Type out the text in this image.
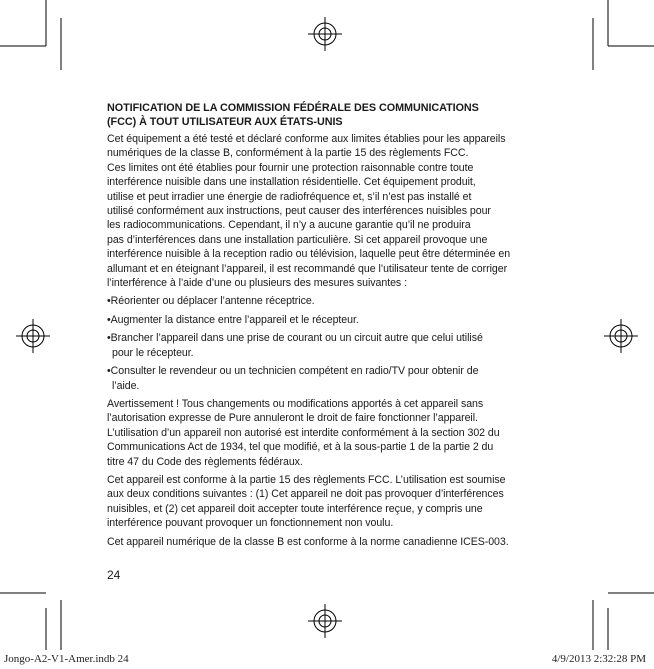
NOTIFICATION DE LA COMMISSION FÉDÉRALE DES COMMUNICATIONS
(FCC) À TOUT UTILISATEUR AUX ÉTATS-UNIS
Cet équipement a été testé et déclaré conforme aux limites établies pour les appareils
numériques de la classe B, conformément à la partie 15 des règlements FCC.
Ces limites ont été établies pour fournir une protection raisonnable contre toute
interférence nuisible dans une installation résidentielle. Cet équipement produit,
utilise et peut irradier une énergie de radiofréquence et, s’il n’est pas installé et
utilisé conformément aux instructions, peut causer des interférences nuisibles pour
les radiocommunications. Cependant, il n’y a aucune garantie qu’il ne produira
pas d’interférences dans une installation particulière. Si cet appareil provoque une
interférence nuisible à la reception radio ou télévision, laquelle peut être déterminée en
allumant et en éteignant l’appareil, il est recommandé que l’utilisateur tente de corriger
l’interférence à l’aide d’une ou plusieurs des mesures suivantes :
•Réorienter ou déplacer l’antenne réceptrice.
•Augmenter la distance entre l’appareil et le récepteur.
•Brancher l’appareil dans une prise de courant ou un circuit autre que celui utilisé
pour le récepteur.
•Consulter le revendeur ou un technicien compétent en radio/TV pour obtenir de
l’aide.
Avertissement ! Tous changements ou modifications apportés à cet appareil sans
l’autorisation expresse de Pure annuleront le droit de faire fonctionner l’appareil.
L’utilisation d’un appareil non autorisé est interdite conformément à la section 302 du
Communications Act de 1934, tel que modifié, et à la sous-partie 1 de la partie 2 du
titre 47 du Code des règlements fédéraux.
Cet appareil est conforme à la partie 15 des règlements FCC. L’utilisation est soumise
aux deux conditions suivantes : (1) Cet appareil ne doit pas provoquer d’interférences
nuisibles, et (2) cet appareil doit accepter toute interférence reçue, y compris une
interférence pouvant provoquer un fonctionnement non voulu.
Cet appareil numérique de la classe B est conforme à la norme canadienne ICES-003.
24
Jongo-A2-V1-Amer.indb 24	4/9/2013 2:32:28 PM
